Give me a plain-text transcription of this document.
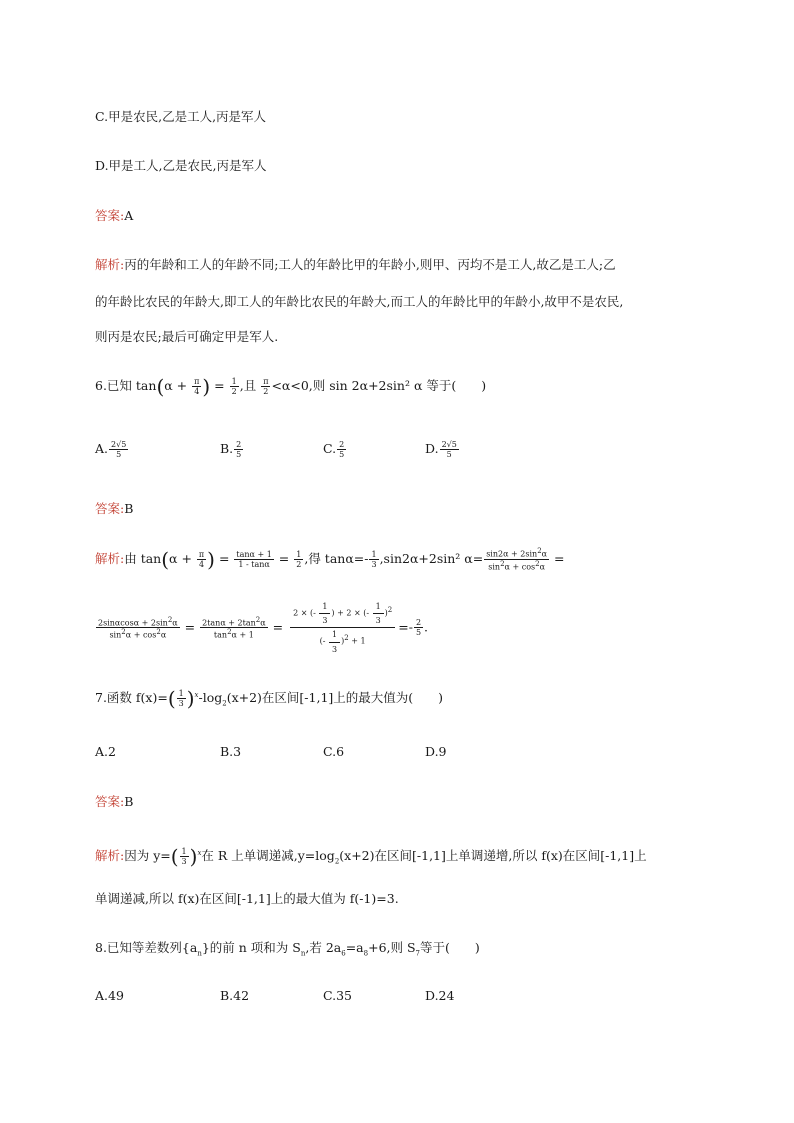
C.甲是农民,乙是工人,丙是军人
D.甲是工人,乙是农民,丙是军人
答案:A
解析:丙的年龄和工人的年龄不同;工人的年龄比甲的年龄小,则甲、丙均不是工人,故乙是工人;乙
的年龄比农民的年龄大,即工人的年龄比农民的年龄大,而工人的年龄比甲的年龄小,故甲不是农民,
则丙是农民;最后可确定甲是军人.
6.已知 $\tan(\alpha + \frac{\pi}{4}$ ) = $\frac{1}{2}$ ,且 $\frac{\pi}{2} <\alpha<0$,则 sin 2α+2sin² α 等于(　　)
A. $\frac{2√5}{5}$	B. $\frac{2}{5}$	C. $\frac{2}{5}$	D. $\frac{2√5}{5}$
答案:B
解析:由 $\tan(\alpha + \frac{\pi}{4}$ ) = $\frac{\tan\alpha + 1}{1 - \tan\alpha} = \frac{1}{2}$ ,得 $\tan\alpha=- \frac{1}{3} ,\sin 2\alpha+2\sin^2$ $\alpha= \frac{\sin 2\alpha + 2\sin^2\alpha}{\sin^2\alpha + \cos^2\alpha}$ =
$\frac{2\sin\alpha\cos\alpha + 2\sin^2\alpha}{\sin^2\alpha + \cos^2\alpha} = \frac{2\tan\alpha + 2\tan^2\alpha}{\tan^2\alpha + 1} = \frac{2 \times (- \frac{1}{3} ) + 2 \times (- \frac{1}{3} )^2}{(- \frac{1}{3} )^2 + 1} =- \frac{2}{5}$ .
7.函数 $f(x)=( \frac{1}{3} )^x-\log_2(x+2)$在区间[-1,1]上的最大值为(　　)
A.2	B.3	C.6	D.9
答案:B
解析:因为 $y=( \frac{1}{3} )^x$在 R 上单调递减$,y=\log_2(x+2)$在区间[-1,1]上单调递增,所以 f(x)在区间[-1,1]上
单调递减,所以 f(x)在区间[-1,1]上的最大值为 f(-1)=3.
8.已知等差数列$\{a_n\}$的前 n 项和为 $S_n$,若 $2a_6=a_8+6$,则 $S_7$等于(　　)
A.49	B.42	C.35	D.24
